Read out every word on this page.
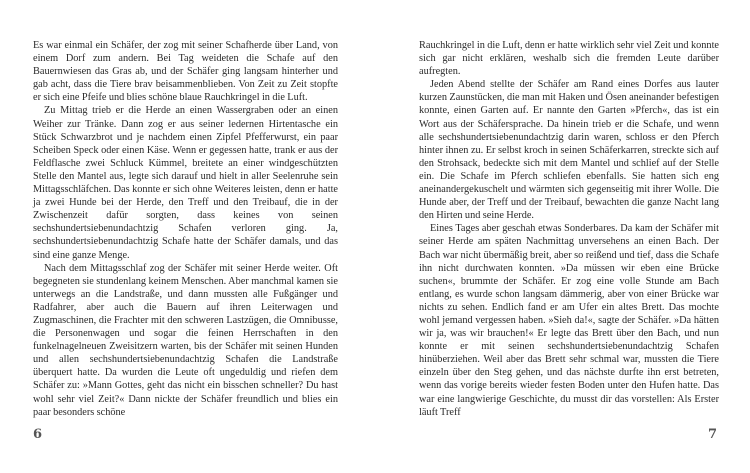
Es war einmal ein Schäfer, der zog mit seiner Schafherde über Land, von einem Dorf zum andern. Bei Tag weideten die Schafe auf den Bauernwiesen das Gras ab, und der Schäfer ging langsam hinterher und gab acht, dass die Tiere brav beisammenblieben. Von Zeit zu Zeit stopfte er sich eine Pfeife und blies schöne blaue Rauchkringel in die Luft.

Zu Mittag trieb er die Herde an einen Wassergraben oder an einen Weiher zur Tränke. Dann zog er aus seiner ledernen Hirtentasche ein Stück Schwarzbrot und je nachdem einen Zipfel Pfefferwurst, ein paar Scheiben Speck oder einen Käse. Wenn er gegessen hatte, trank er aus der Feldflasche zwei Schluck Kümmel, breitete an einer windgeschützten Stelle den Mantel aus, legte sich darauf und hielt in aller Seelenruhe sein Mittagsschläfchen. Das konnte er sich ohne Weiteres leisten, denn er hatte ja zwei Hunde bei der Herde, den Treff und den Treibauf, die in der Zwischenzeit dafür sorgten, dass keines von seinen sechshundertsiebenundachtzig Schafen verloren ging. Ja, sechshundertsiebenundachtzig Schafe hatte der Schäfer damals, und das sind eine ganze Menge.

Nach dem Mittagsschlaf zog der Schäfer mit seiner Herde weiter. Oft begegneten sie stundenlang keinem Menschen. Aber manchmal kamen sie unterwegs an die Landstraße, und dann mussten alle Fußgänger und Radfahrer, aber auch die Bauern auf ihren Leiterwagen und Zugmaschinen, die Frachter mit den schweren Lastzügen, die Omnibusse, die Personenwagen und sogar die feinen Herrschaften in den funkelnagelneuen Zweisitzern warten, bis der Schäfer mit seinen Hunden und allen sechshundertsiebenundachtzig Schafen die Landstraße überquert hatte. Da wurden die Leute oft ungeduldig und riefen dem Schäfer zu: »Mann Gottes, geht das nicht ein bisschen schneller? Du hast wohl sehr viel Zeit?« Dann nickte der Schäfer freundlich und blies ein paar besonders schöne

6

Rauchkringel in die Luft, denn er hatte wirklich sehr viel Zeit und konnte sich gar nicht erklären, weshalb sich die fremden Leute darüber aufregten.

Jeden Abend stellte der Schäfer am Rand eines Dorfes aus lauter kurzen Zaunstücken, die man mit Haken und Ösen aneinander befestigen konnte, einen Garten auf. Er nannte den Garten »Pferch«, das ist ein Wort aus der Schäfersprache. Da hinein trieb er die Schafe, und wenn alle sechshundertsiebenundachtzig darin waren, schloss er den Pferch hinter ihnen zu. Er selbst kroch in seinen Schäferkarren, streckte sich auf den Strohsack, bedeckte sich mit dem Mantel und schlief auf der Stelle ein. Die Schafe im Pferch schliefen ebenfalls. Sie hatten sich eng aneinandergekuschelt und wärmten sich gegenseitig mit ihrer Wolle. Die Hunde aber, der Treff und der Treibauf, bewachten die ganze Nacht lang den Hirten und seine Herde.

Eines Tages aber geschah etwas Sonderbares. Da kam der Schäfer mit seiner Herde am späten Nachmittag unversehens an einen Bach. Der Bach war nicht übermäßig breit, aber so reißend und tief, dass die Schafe ihn nicht durchwaten konnten. »Da müssen wir eben eine Brücke suchen«, brummte der Schäfer. Er zog eine volle Stunde am Bach entlang, es wurde schon langsam dämmerig, aber von einer Brücke war nichts zu sehen. Endlich fand er am Ufer ein altes Brett. Das mochte wohl jemand vergessen haben. »Sieh da!«, sagte der Schäfer. »Da hätten wir ja, was wir brauchen!« Er legte das Brett über den Bach, und nun konnte er mit seinen sechshundertsiebenundachtzig Schafen hinüberziehen. Weil aber das Brett sehr schmal war, mussten die Tiere einzeln über den Steg gehen, und das nächste durfte ihn erst betreten, wenn das vorige bereits wieder festen Boden unter den Hufen hatte. Das war eine langwierige Geschichte, du musst dir das vorstellen: Als Erster läuft Treff

7
